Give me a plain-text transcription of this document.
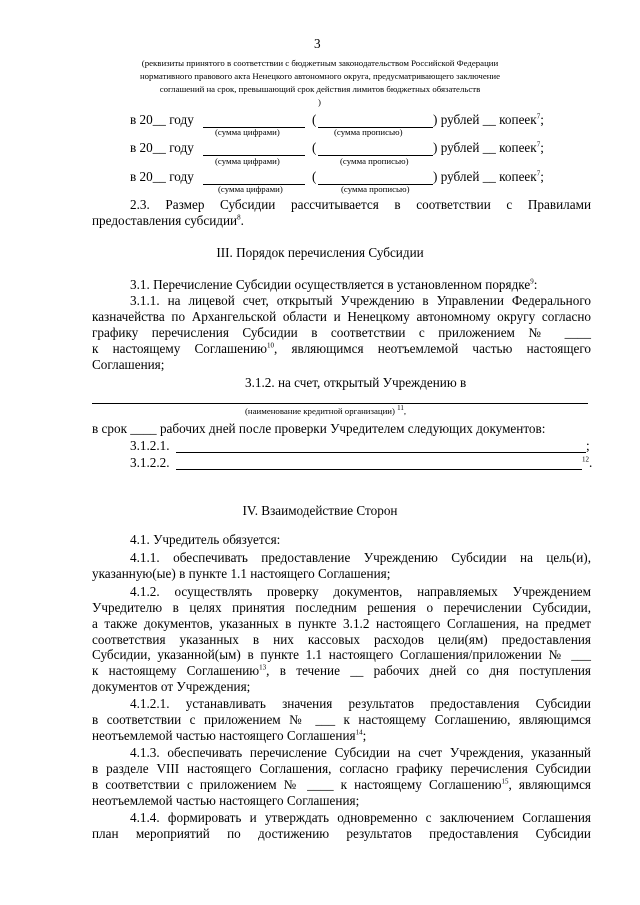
3
(реквизиты принятого в соответствии с бюджетным законодательством Российской Федерации
нормативного правового акта Ненецкого автономного округа, предусматривающего заключение
соглашений на срок, превышающий срок действия лимитов бюджетных обязательств
)
в 20__ году	(	) рублей __ копеек$^7$;
(сумма цифрами)	(сумма прописью)
в 20__ году	(	) рублей __ копеек$^7$;
(сумма цифрами)	(сумма прописью)
в 20__ году	(	) рублей __ копеек$^7$;
(сумма цифрами)	(сумма прописью)
2.3. Размер Субсидии рассчитывается в соответствии с Правилами
предоставления субсидии$^8$.
III. Порядок перечисления Субсидии
3.1. Перечисление Субсидии осуществляется в установленном порядке$^9$:
3.1.1. на лицевой счет, открытый Учреждению в Управлении Федерального
казначейства по Архангельской области и Ненецкому автономному округу согласно
графику перечисления Субсидии в соответствии с приложением № ____
к настоящему Соглашению$^{10}$, являющимся неотъемлемой частью настоящего
Соглашения;
3.1.2. на счет, открытый Учреждению в
(наименование кредитной организации) $^{11}$,
в срок ____ рабочих дней после проверки Учредителем следующих документов:
3.1.2.1.	;
3.1.2.2.	$^{12}$.
IV. Взаимодействие Сторон
4.1. Учредитель обязуется:
4.1.1. обеспечивать предоставление Учреждению Субсидии на цель(и),
указанную(ые) в пункте 1.1 настоящего Соглашения;
4.1.2. осуществлять проверку документов, направляемых Учреждением
Учредителю в целях принятия последним решения о перечислении Субсидии,
а также документов, указанных в пункте 3.1.2 настоящего Соглашения, на предмет
соответствия указанных в них кассовых расходов цели(ям) предоставления
Субсидии, указанной(ым) в пункте 1.1 настоящего Соглашения/приложении № ___
к настоящему Соглашению$^{13}$, в течение __ рабочих дней со дня поступления
документов от Учреждения;
4.1.2.1. устанавливать значения результатов предоставления Субсидии
в соответствии с приложением № ___ к настоящему Соглашению, являющимся
неотъемлемой частью настоящего Соглашения$^{14}$;
4.1.3. обеспечивать перечисление Субсидии на счет Учреждения, указанный
в разделе VIII настоящего Соглашения, согласно графику перечисления Субсидии
в соответствии с приложением № ____ к настоящему Соглашению$^{15}$, являющимся
неотъемлемой частью настоящего Соглашения;
4.1.4. формировать и утверждать одновременно с заключением Соглашения
план мероприятий по достижению результатов предоставления Субсидии
